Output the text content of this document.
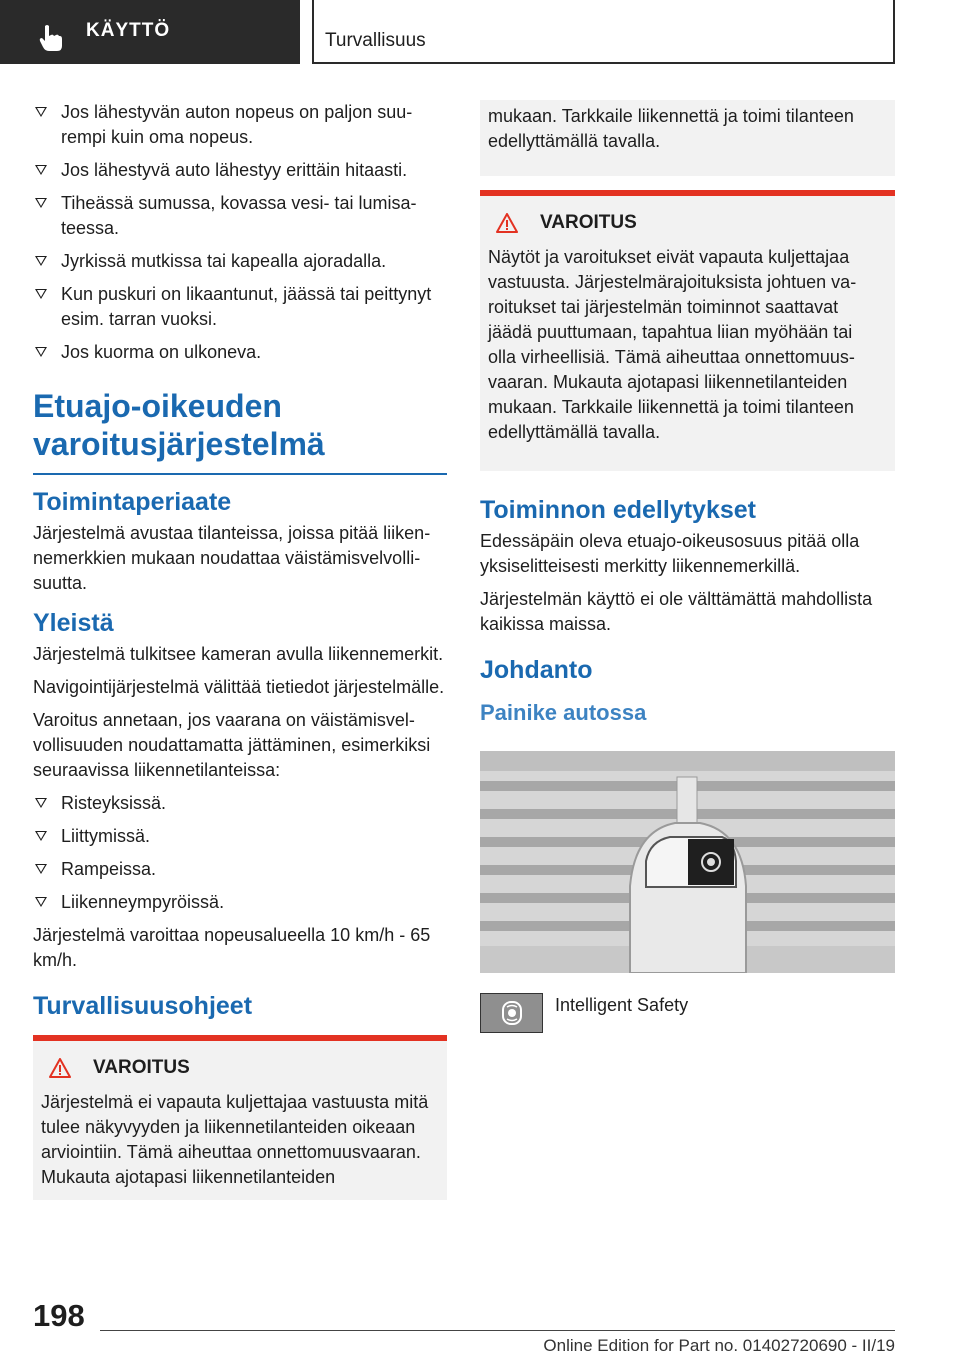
KÄYTTÖ	Turvallisuus
Jos lähestyvän auton nopeus on paljon suurempi kuin oma nopeus.
Jos lähestyvä auto lähestyy erittäin hitaasti.
Tiheässä sumussa, kovassa vesi- tai lumisateessa.
Jyrkissä mutkissa tai kapealla ajoradalla.
Kun puskuri on likaantunut, jäässä tai peittynyt esim. tarran vuoksi.
Jos kuorma on ulkoneva.
Etuajo-oikeuden varoitusjärjestelmä
Toimintaperiaate

Järjestelmä avustaa tilanteissa, joissa pitää liikennemerkkien mukaan noudattaa väistämisvelvollisuutta.

Yleistä

Järjestelmä tulkitsee kameran avulla liikennemerkit.

Navigointijärjestelmä välittää tietiedot järjestelmälle.

Varoitus annetaan, jos vaarana on väistämisvelvollisuuden noudattamatta jättäminen, esimerkiksi seuraavissa liikennetilanteissa:

Risteyksissä.
Liittymissä.
Rampeissa.
Liikenneympyröissä.

Järjestelmä varoittaa nopeusalueella 10 km/h - 65 km/h.

Turvallisuusohjeet
VAROITUS

Järjestelmä ei vapauta kuljettajaa vastuusta mitä tulee näkyvyyden ja liikennetilanteiden oikeaan arviointiin. Tämä aiheuttaa onnettomuusvaaran. Mukauta ajotapasi liikennetilanteiden

mukaan. Tarkkaile liikennettä ja toimi tilanteen edellyttämällä tavalla.

VAROITUS

Näytöt ja varoitukset eivät vapauta kuljettajaa vastuusta. Järjestelmärajoituksista johtuen varoitukset tai järjestelmän toiminnot saattavat jäädä puuttumaan, tapahtua liian myöhään tai olla virheellisiä. Tämä aiheuttaa onnettomuusvaaran. Mukauta ajotapasi liikennetilanteiden mukaan. Tarkkaile liikennettä ja toimi tilanteen edellyttämällä tavalla.

Toiminnon edellytykset

Edessäpäin oleva etuajo-oikeusosuus pitää olla yksiselitteisesti merkitty liikennemerkillä.

Järjestelmän käyttö ei ole välttämättä mahdollista kaikissa maissa.

Johdanto
Painike autossa
Intelligent Safety
198
Online Edition for Part no. 01402720690 - II/19
